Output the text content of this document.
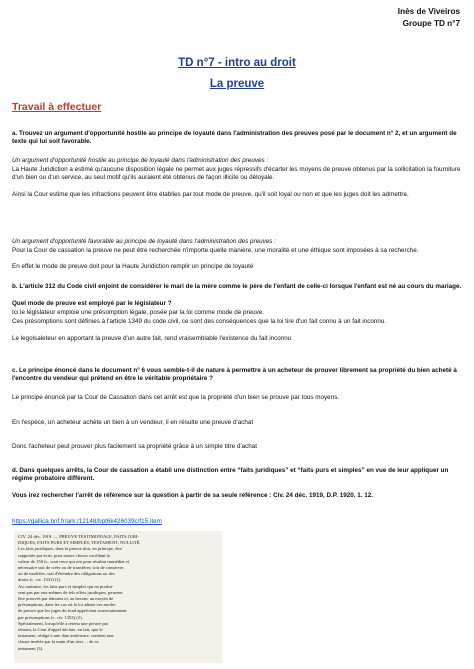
Inès de Viveiros
Groupe TD n°7
TD n°7 - intro au droit
La preuve
Travail à effectuer
a. Trouvez un argument d'opportunité hostile au principe de loyauté dans l'administration des preuves posé par le document n° 2, et un argument de texte qui lui soit favorable.
Un argument d'opportunité hostile au principe de loyauté dans l'administration des preuves :
La Haute Juridiction a estimé qu'aucune disposition légale ne permet aux juges répressifs d'écarter les moyens de preuve obtenus par la sollicitation la fourniture d'un bien ou d'un service, au seul motif qu'ils auraient été obtenus de façon illicite ou déloyale.
Ainsi la Cour estime que les infractions peuvent être établies par tout mode de preuve, qu'il soit loyal ou non et que les juges doit les admettre.
Un argument d'opportunité favorable au principe de loyauté dans l'administration des preuves :
Pour la Cour de cassation la preuve ne peut être recherchée n'importe quelle manière, une moralité et une éthique sont imposées à sa recherche.
En effet le mode de preuve doit pour la Haute Juridiction remplir un principe de loyauté
b. L'article 312 du Code civil enjoint de considérer le mari de la mère comme le père de l'enfant de celle-ci lorsque l'enfant est né au cours du mariage.
Quel mode de preuve est employé par le législateur ?
Ici le législateur emploie une présomption légale, posée par la loi comme mode de preuve.
Ces présomptions sont définies à l'article 1349 du code civil, ce sont des conséquences que la loi tire d'un fait connu à un fait inconnu.
Le legolsaleteur en apportant la preuve d'un autre fait, rend vraisemblable l'existence du fait inconnu
c. Le principe énoncé dans le document n° 6 vous semble-t-il de nature à permettre à un acheteur de prouver librement sa propriété du bien acheté à l'encontre du vendeur qui prétend en être le véritable propriétaire ?
Le principe énoncé par la Cour de Cassation dans cet arrêt est que la propriété d'un bien se prouve par tous moyens.
En l'espèce, un acheteur achète un bien à un vendeur, il en résulte une preuve d'achat
Donc l'acheteur peut prouver plus facilement sa propriété grâce à un simple titre d'achat
d. Dans quelques arrêts, la Cour de cassation a établi une distinction entre “faits juridiques” et “faits purs et simples” en vue de leur appliquer un régime probatoire différent.
Vous irez rechercher l'arrêt de référence sur la question à partir de sa seule référence : Civ. 24 déc. 1919, D.P. 1920. 1. 12.
https://gallica.bnf.fr/ark:/12148/bpt6k426039c/f15.item
CIV. 24 déc. 1919. — PREUVE TESTIMONIALE, FAITS JURI-
DIQUES, FAITS PURS ET SIMPLES, TESTAMENT, NULLITÉ.
Les faits juridiques, dont la preuve doit, en principe, être
rapportée par écrit, pour toutes choses excédant la
valeur de 150 fr., sont ceux qui ont pour résultat immédiat et
nécessaire soit de créer ou de transférer, soit de conserver
ou de modifier, soit d'éteindre des obligations ou des
droits (c. civ. 1341) (1).
Au contraire, les faits purs et simples qui ne produi-
sent pas par eux-mêmes de tels effets juridiques, peuvent
être prouvés par témoins et, au besoin, au moyen de
présomptions, dans les cas où la loi admet ces modes
de preuve que les juges du fond apprécient souverainement
par présomptions (c. civ. 1353) (2).
Spécialement, lorsqu'elle a retenu une preuve par
témoin, la Cour d'appel déclare, en fait, que le
testament, rédigé à une date antérieure, contient une
clause insérée par la main d'un tiers ... de ce
testament (3).
